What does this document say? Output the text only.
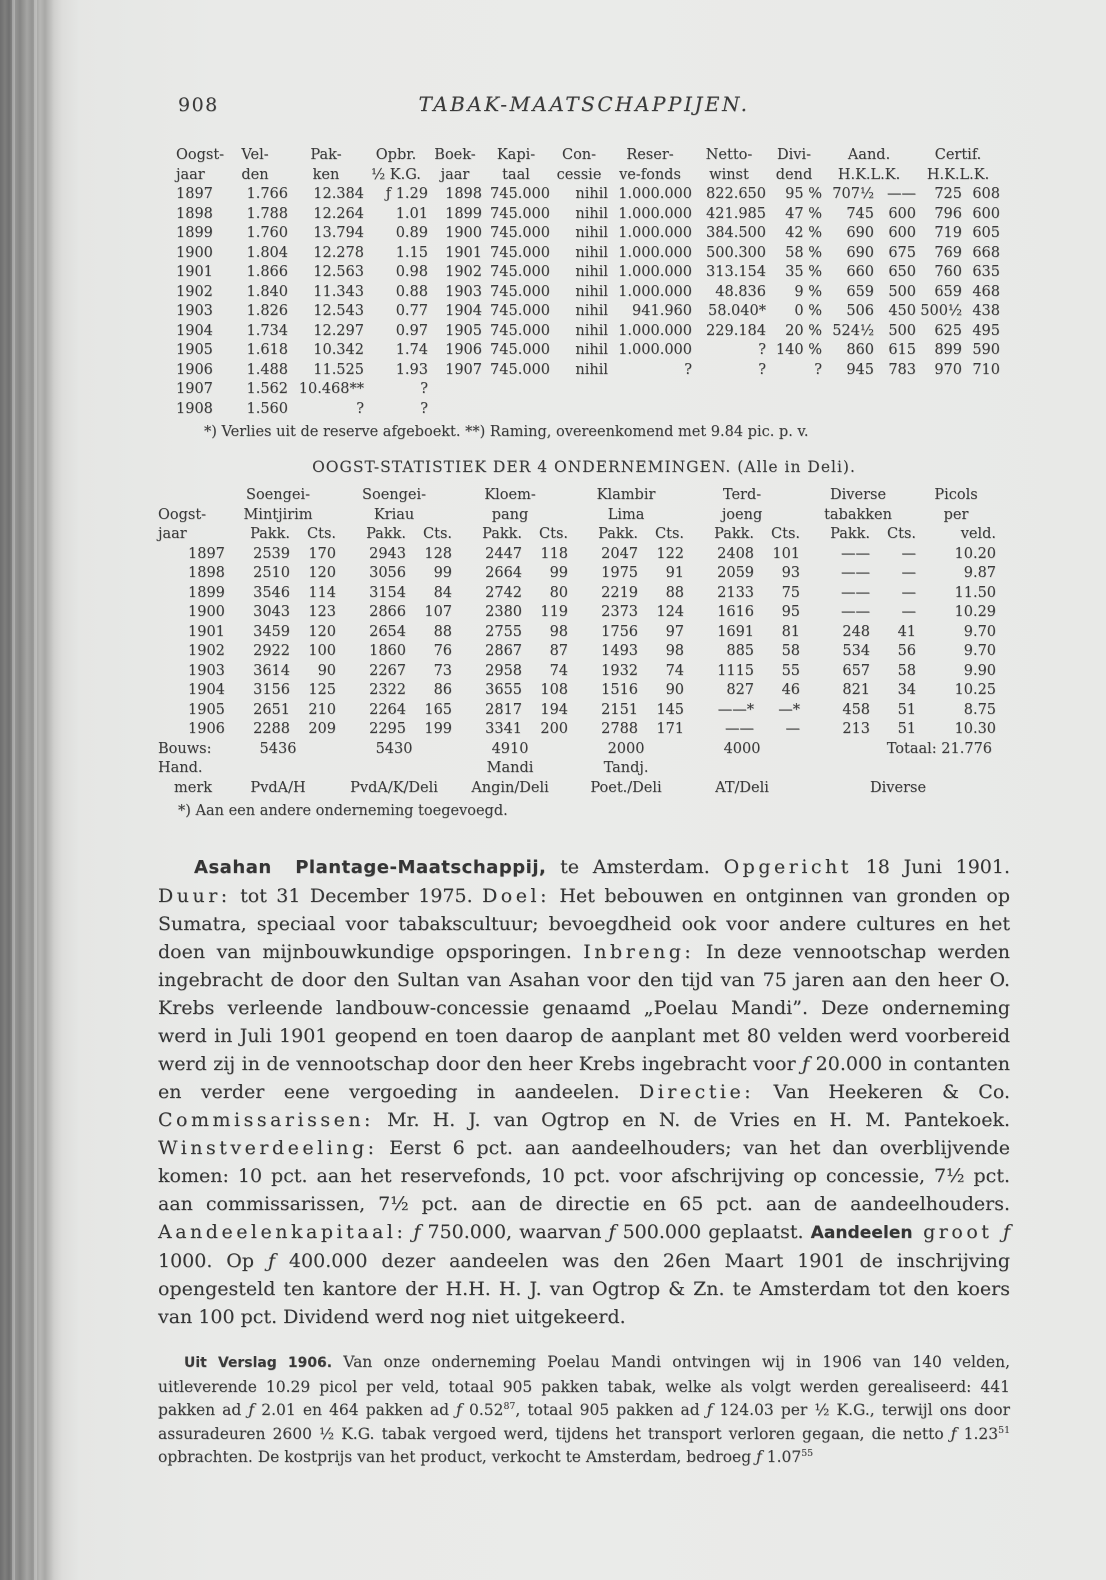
908	TABAK-MAATSCHAPPIJEN.
Oogst-	Vel-	Pak-	Opbr.	Boek-	Kapi-	Con-	Reser-	Netto-	Divi-	Aand.		Certif.	
jaar	den	ken	½ K.G.	jaar	taal	cessie	ve-fonds	winst	dend	H.K.L.K.		H.K.L.K.	
1897	1.766	12.384	ƒ 1.29	1898	745.000	nihil	1.000.000	822.650	95 %	707½	——	725	608
1898	1.788	12.264	1.01	1899	745.000	nihil	1.000.000	421.985	47 %	745	600	796	600
1899	1.760	13.794	0.89	1900	745.000	nihil	1.000.000	384.500	42 %	690	600	719	605
1900	1.804	12.278	1.15	1901	745.000	nihil	1.000.000	500.300	58 %	690	675	769	668
1901	1.866	12.563	0.98	1902	745.000	nihil	1.000.000	313.154	35 %	660	650	760	635
1902	1.840	11.343	0.88	1903	745.000	nihil	1.000.000	48.836	9 %	659	500	659	468
1903	1.826	12.543	0.77	1904	745.000	nihil	941.960	58.040*	0 %	506	450	500½	438
1904	1.734	12.297	0.97	1905	745.000	nihil	1.000.000	229.184	20 %	524½	500	625	495
1905	1.618	10.342	1.74	1906	745.000	nihil	1.000.000	?	140 %	860	615	899	590
1906	1.488	11.525	1.93	1907	745.000	nihil	?	?	?	945	783	970	710
1907	1.562	10.468**	?										
1908	1.560	?	?										

*) Verlies uit de reserve afgeboekt. **) Raming, overeenkomend met 9.84 pic. p. v.

OOGST-STATISTIEK DER 4 ONDERNEMINGEN. (Alle in Deli).
	Soengei-		Soengei-		Kloem-		Klambir		Terd-		Diverse		Picols
Oogst-	Mintjirim		Kriau		pang		Lima		joeng		tabakken		per
jaar	Pakk.	Cts.	Pakk.	Cts.	Pakk.	Cts.	Pakk.	Cts.	Pakk.	Cts.	Pakk.	Cts.	veld.
1897	2539	170	2943	128	2447	118	2047	122	2408	101	——	—	10.20
1898	2510	120	3056	99	2664	99	1975	91	2059	93	——	—	9.87
1899	3546	114	3154	84	2742	80	2219	88	2133	75	——	—	11.50
1900	3043	123	2866	107	2380	119	2373	124	1616	95	——	—	10.29
1901	3459	120	2654	88	2755	98	1756	97	1691	81	248	41	9.70
1902	2922	100	1860	76	2867	87	1493	98	885	58	534	56	9.70
1903	3614	90	2267	73	2958	74	1932	74	1115	55	657	58	9.90
1904	3156	125	2322	86	3655	108	1516	90	827	46	821	34	10.25
1905	2651	210	2264	165	2817	194	2151	145	——*	—*	458	51	8.75
1906	2288	209	2295	199	3341	200	2788	171	——	—	213	51	10.30
Bouws:	5436		5430		4910		2000		4000		Totaal: 21.776		
Hand.					Mandi		Tandj.						
merk	PvdA/H		PvdA/K/Deli		Angin/Deli		Poet./Deli		AT/Deli		Diverse		

*) Aan een andere onderneming toegevoegd.

Asahan Plantage-Maatschappij, te Amsterdam. Opgericht 18 Juni 1901. Duur: tot 31 December 1975. Doel: Het bebouwen en ontginnen van gronden op Sumatra, speciaal voor tabakscultuur; bevoegdheid ook voor andere cultures en het doen van mijnbouwkundige opsporingen. Inbreng: In deze vennootschap werden ingebracht de door den Sultan van Asahan voor den tijd van 75 jaren aan den heer O. Krebs verleende landbouw-concessie genaamd „Poelau Mandi”. Deze onderneming werd in Juli 1901 geopend en toen daarop de aanplant met 80 velden werd voorbereid werd zij in de vennootschap door den heer Krebs ingebracht voor ƒ 20.000 in contanten en verder eene vergoeding in aandeelen. Directie: Van Heekeren & Co. Commissarissen: Mr. H. J. van Ogtrop en N. de Vries en H. M. Pantekoek. Winstverdeeling: Eerst 6 pct. aan aandeelhouders; van het dan overblijvende komen: 10 pct. aan het reservefonds, 10 pct. voor afschrijving op concessie, 7½ pct. aan commissarissen, 7½ pct. aan de directie en 65 pct. aan de aandeelhouders. Aandeelenkapitaal: ƒ 750.000, waarvan ƒ 500.000 geplaatst. Aandeelen groot ƒ 1000. Op ƒ 400.000 dezer aandeelen was den 26en Maart 1901 de inschrijving opengesteld ten kantore der H.H. H. J. van Ogtrop & Zn. te Amsterdam tot den koers van 100 pct. Dividend werd nog niet uitgekeerd.

Uit Verslag 1906. Van onze onderneming Poelau Mandi ontvingen wij in 1906 van 140 velden, uitleverende 10.29 picol per veld, totaal 905 pakken tabak, welke als volgt werden gerealiseerd: 441 pakken ad ƒ 2.01 en 464 pakken ad ƒ 0.52$^{87}$, totaal 905 pakken ad ƒ 124.03 per ½ K.G., terwijl ons door assuradeuren 2600 ½ K.G. tabak vergoed werd, tijdens het transport verloren gegaan, die netto ƒ 1.23$^{51}$ opbrachten. De kostprijs van het product, verkocht te Amsterdam, bedroeg ƒ 1.07$^{55}$
